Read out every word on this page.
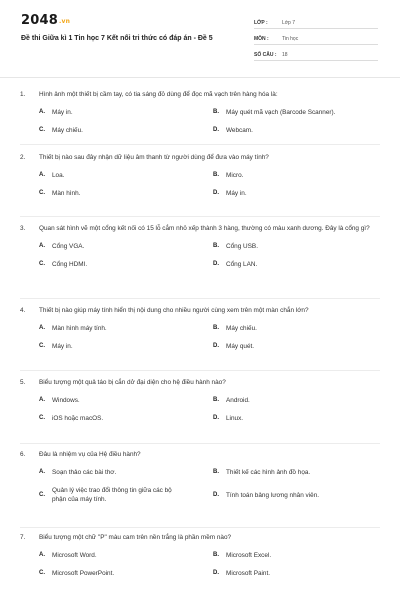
2048.vn
Đề thi Giữa kì 1 Tin học 7 Kết nối tri thức có đáp án - Đề 5
LỚP :	Lớp 7
MÔN :	Tin học
SỐ CÂU :	18
1.	Hình ảnh một thiết bị cầm tay, có tia sáng đỏ dùng để đọc mã vạch trên hàng hóa là:
A.	Máy in.	B.	Máy quét mã vạch (Barcode Scanner).
C.	Máy chiếu.	D.	Webcam.
2.	Thiết bị nào sau đây nhận dữ liệu âm thanh từ người dùng để đưa vào máy tính?
A.	Loa.	B.	Micro.
C.	Màn hình.	D.	Máy in.
3.	Quan sát hình vẽ một cổng kết nối có 15 lỗ cắm nhỏ xếp thành 3 hàng, thường có màu xanh dương. Đây là cổng gì?
A.	Cổng VGA.	B.	Cổng USB.
C.	Cổng HDMI.	D.	Cổng LAN.
4.	Thiết bị nào giúp máy tính hiển thị nội dung cho nhiều người cùng xem trên một màn chắn lớn?
A.	Màn hình máy tính.	B.	Máy chiếu.
C.	Máy in.	D.	Máy quét.
5.	Biểu tượng một quả táo bị cắn dở đại diện cho hệ điều hành nào?
A.	Windows.	B.	Android.
C.	iOS hoặc macOS.	D.	Linux.
6.	Đâu là nhiệm vụ của Hệ điều hành?
A.	Soạn thảo các bài thơ.	B.	Thiết kế các hình ảnh đồ họa.
C.
Quản lý việc trao đổi thông tin giữa các bộ phận của máy tính.
D.	Tính toán bảng lương nhân viên.
7.	Biểu tượng một chữ "P" màu cam trên nền trắng là phần mềm nào?
A.	Microsoft Word.	B.	Microsoft Excel.
C.	Microsoft PowerPoint.	D.	Microsoft Paint.
